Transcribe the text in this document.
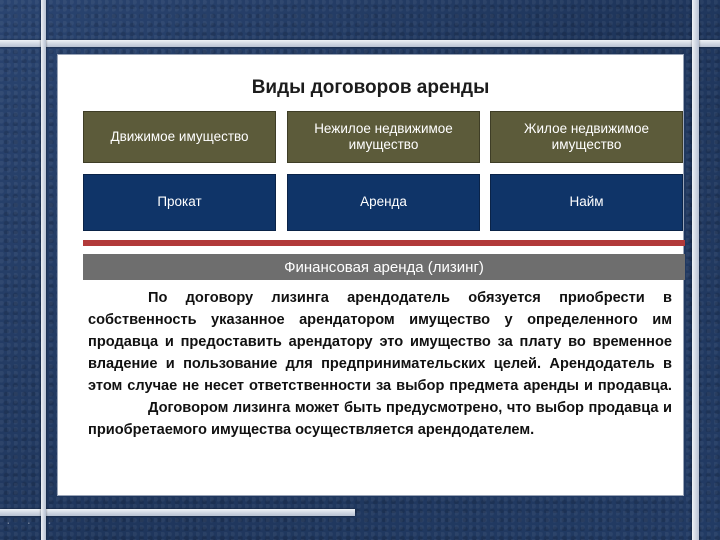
· · ·
Виды договоров аренды
Движимое имущество
Нежилое недвижимое имущество
Жилое недвижимое имущество
Прокат	Аренда	Найм
Финансовая аренда (лизинг)

По договору лизинга арендодатель обязуется приобрести в собственность указанное арендатором имущество у определенного им продавца и предоставить арендатору это имущество за плату во временное владение и пользование для предпринимательских целей. Арендодатель в этом случае не несет ответственности за выбор предмета аренды и продавца.

Договором лизинга может быть предусмотрено, что выбор продавца и приобретаемого имущества осуществляется арендодателем.
